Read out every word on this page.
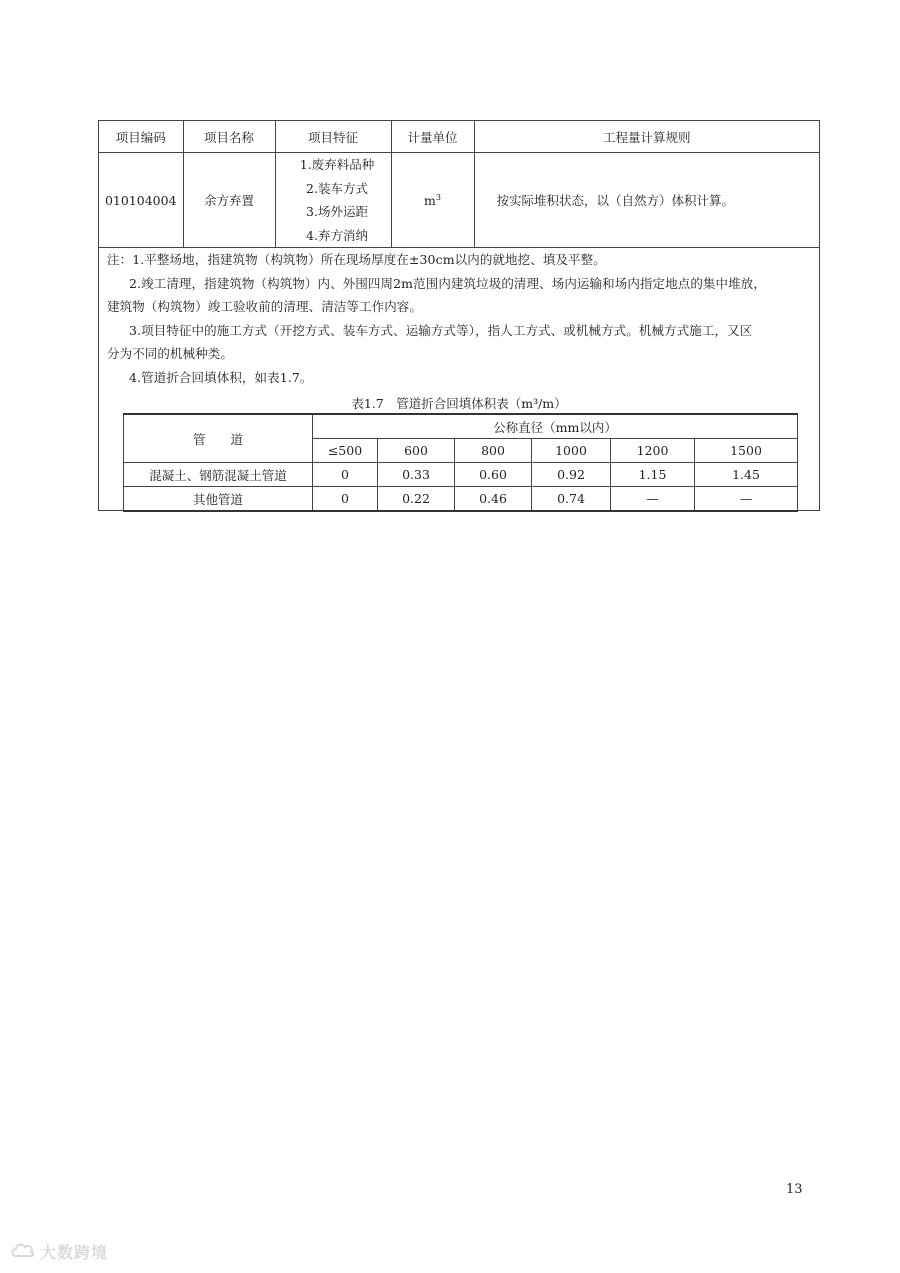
项目编码	项目名称	项目特征	计量单位	工程量计算规则
010104004	余方弃置	1.废弃料品种
2.装车方式
3.场外运距
4.弃方消纳	$m^3$	按实际堆积状态，以（自然方）体积计算。

注：1.平整场地，指建筑物（构筑物）所在现场厚度在±30cm以内的就地挖、填及平整。

2.竣工清理，指建筑物（构筑物）内、外围四周2m范围内建筑垃圾的清理、场内运输和场内指定地点的集中堆放，

建筑物（构筑物）竣工验收前的清理、清洁等工作内容。

3.项目特征中的施工方式（开挖方式、装车方式、运输方式等），指人工方式、或机械方式。机械方式施工，又区

分为不同的机械种类。

4.管道折合回填体积，如表1.7。

表1.7　管道折合回填体积表（m³/m）
管　　道	公称直径（mm以内）					
	≤500	600	800	1000	1200	1500
混凝土、钢筋混凝土管道	0	0.33	0.60	0.92	1.15	1.45
其他管道	0	0.22	0.46	0.74	—	—
13
大数跨境
